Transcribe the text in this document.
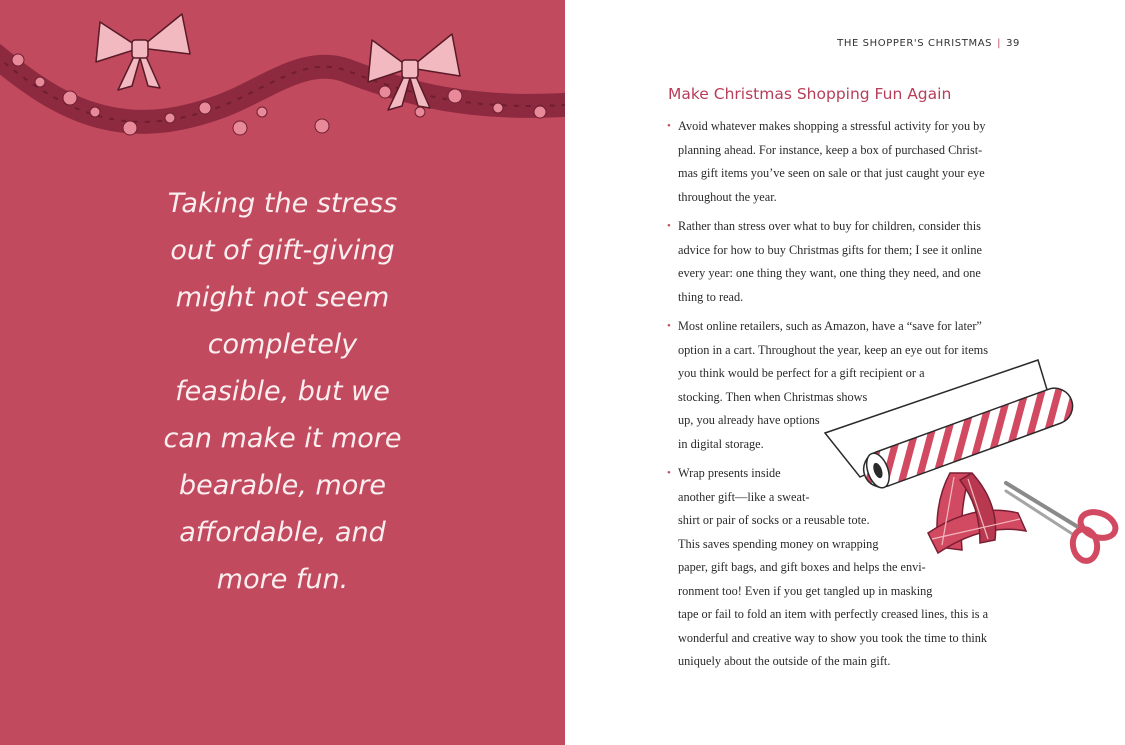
Taking the stress
out of gift-giving
might not seem
completely
feasible, but we
can make it more
bearable, more
affordable, and
more fun.
THE SHOPPER'S CHRISTMAS | 39
Make Christmas Shopping Fun Again
• Avoid whatever makes shopping a stressful activity for you by
planning ahead. For instance, keep a box of purchased Christ-
mas gift items you’ve seen on sale or that just caught your eye
throughout the year.
• Rather than stress over what to buy for children, consider this
advice for how to buy Christmas gifts for them; I see it online
every year: one thing they want, one thing they need, and one
thing to read.
• Most online retailers, such as Amazon, have a “save for later”
option in a cart. Throughout the year, keep an eye out for items
you think would be perfect for a gift recipient or a
stocking. Then when Christmas shows
up, you already have options
in digital storage.
• Wrap presents inside
another gift—like a sweat-
shirt or pair of socks or a reusable tote.
This saves spending money on wrapping
paper, gift bags, and gift boxes and helps the envi-
ronment too! Even if you get tangled up in masking
tape or fail to fold an item with perfectly creased lines, this is a
wonderful and creative way to show you took the time to think
uniquely about the outside of the main gift.
